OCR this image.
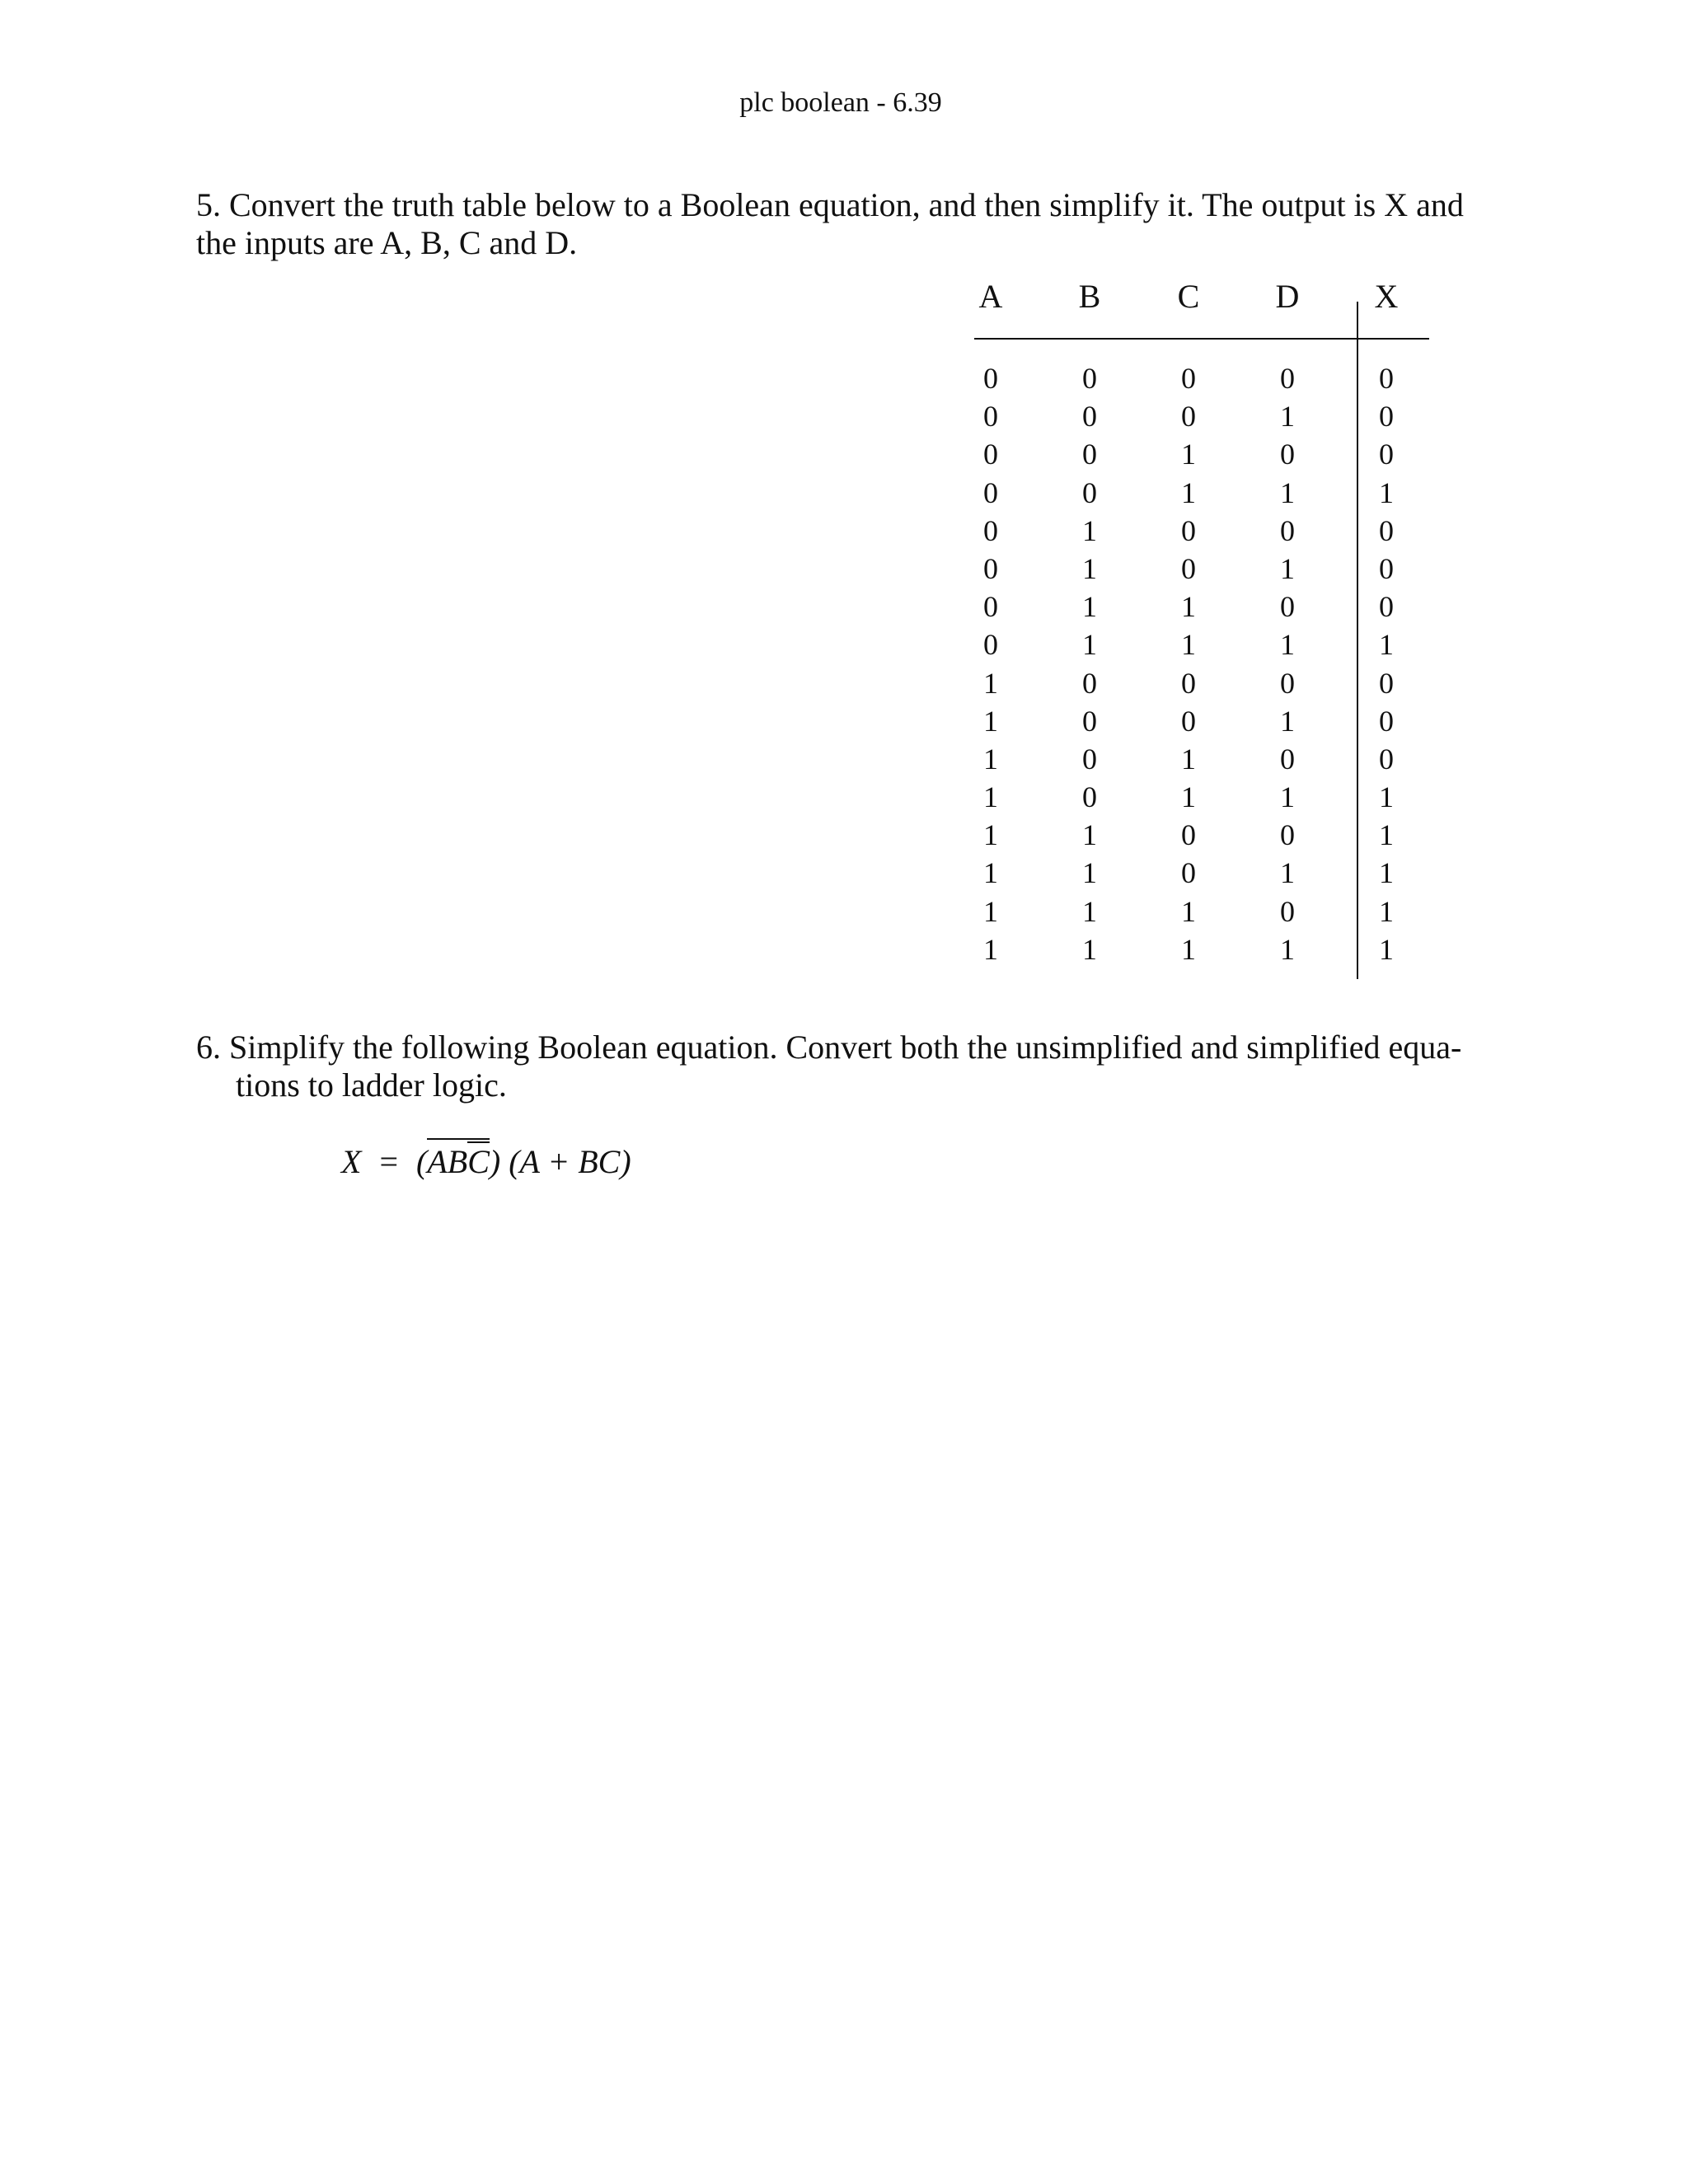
plc boolean - 6.39
5. Convert the truth table below to a Boolean equation, and then simplify it. The output is X and the inputs are A, B, C and D.
A	B	C	D	X
0	0	0	0	0
0	0	0	1	0
0	0	1	0	0
0	0	1	1	1
0	1	0	0	0
0	1	0	1	0
0	1	1	0	0
0	1	1	1	1
1	0	0	0	0
1	0	0	1	0
1	0	1	0	0
1	0	1	1	1
1	1	0	0	1
1	1	0	1	1
1	1	1	0	1
1	1	1	1	1
6. Simplify the following Boolean equation. Convert both the unsimplified and simplified equa-
tions to ladder logic.
X = (ABC) (A + BC)
